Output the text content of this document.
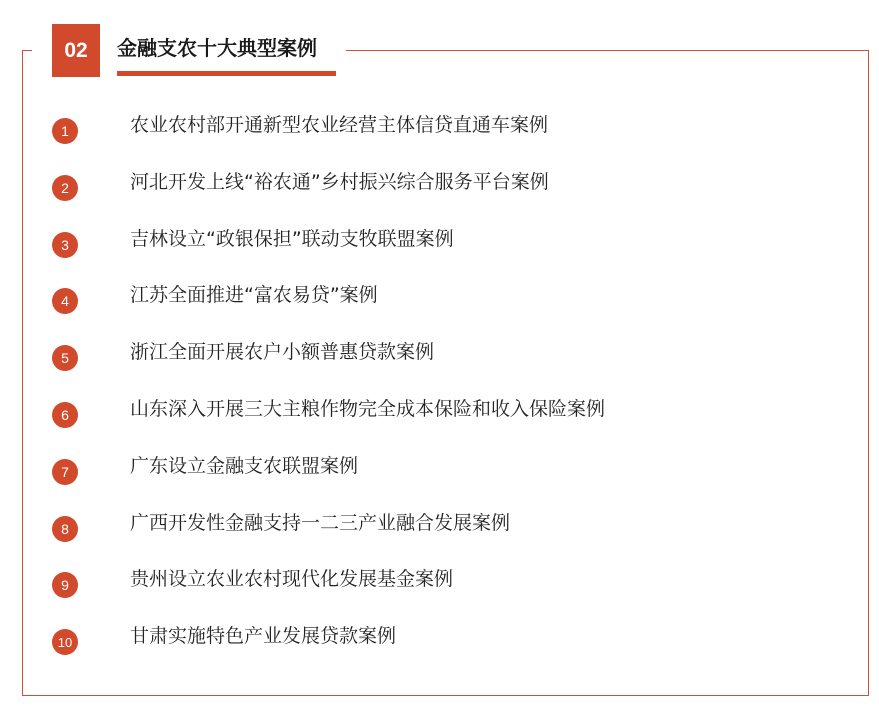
02	金融支农十大典型案例
1	农业农村部开通新型农业经营主体信贷直通车案例
2	河北开发上线“裕农通”乡村振兴综合服务平台案例
3	吉林设立“政银保担”联动支牧联盟案例
4	江苏全面推进“富农易贷”案例
5	浙江全面开展农户小额普惠贷款案例
6	山东深入开展三大主粮作物完全成本保险和收入保险案例
7	广东设立金融支农联盟案例
8	广西开发性金融支持一二三产业融合发展案例
9	贵州设立农业农村现代化发展基金案例
10	甘肃实施特色产业发展贷款案例
